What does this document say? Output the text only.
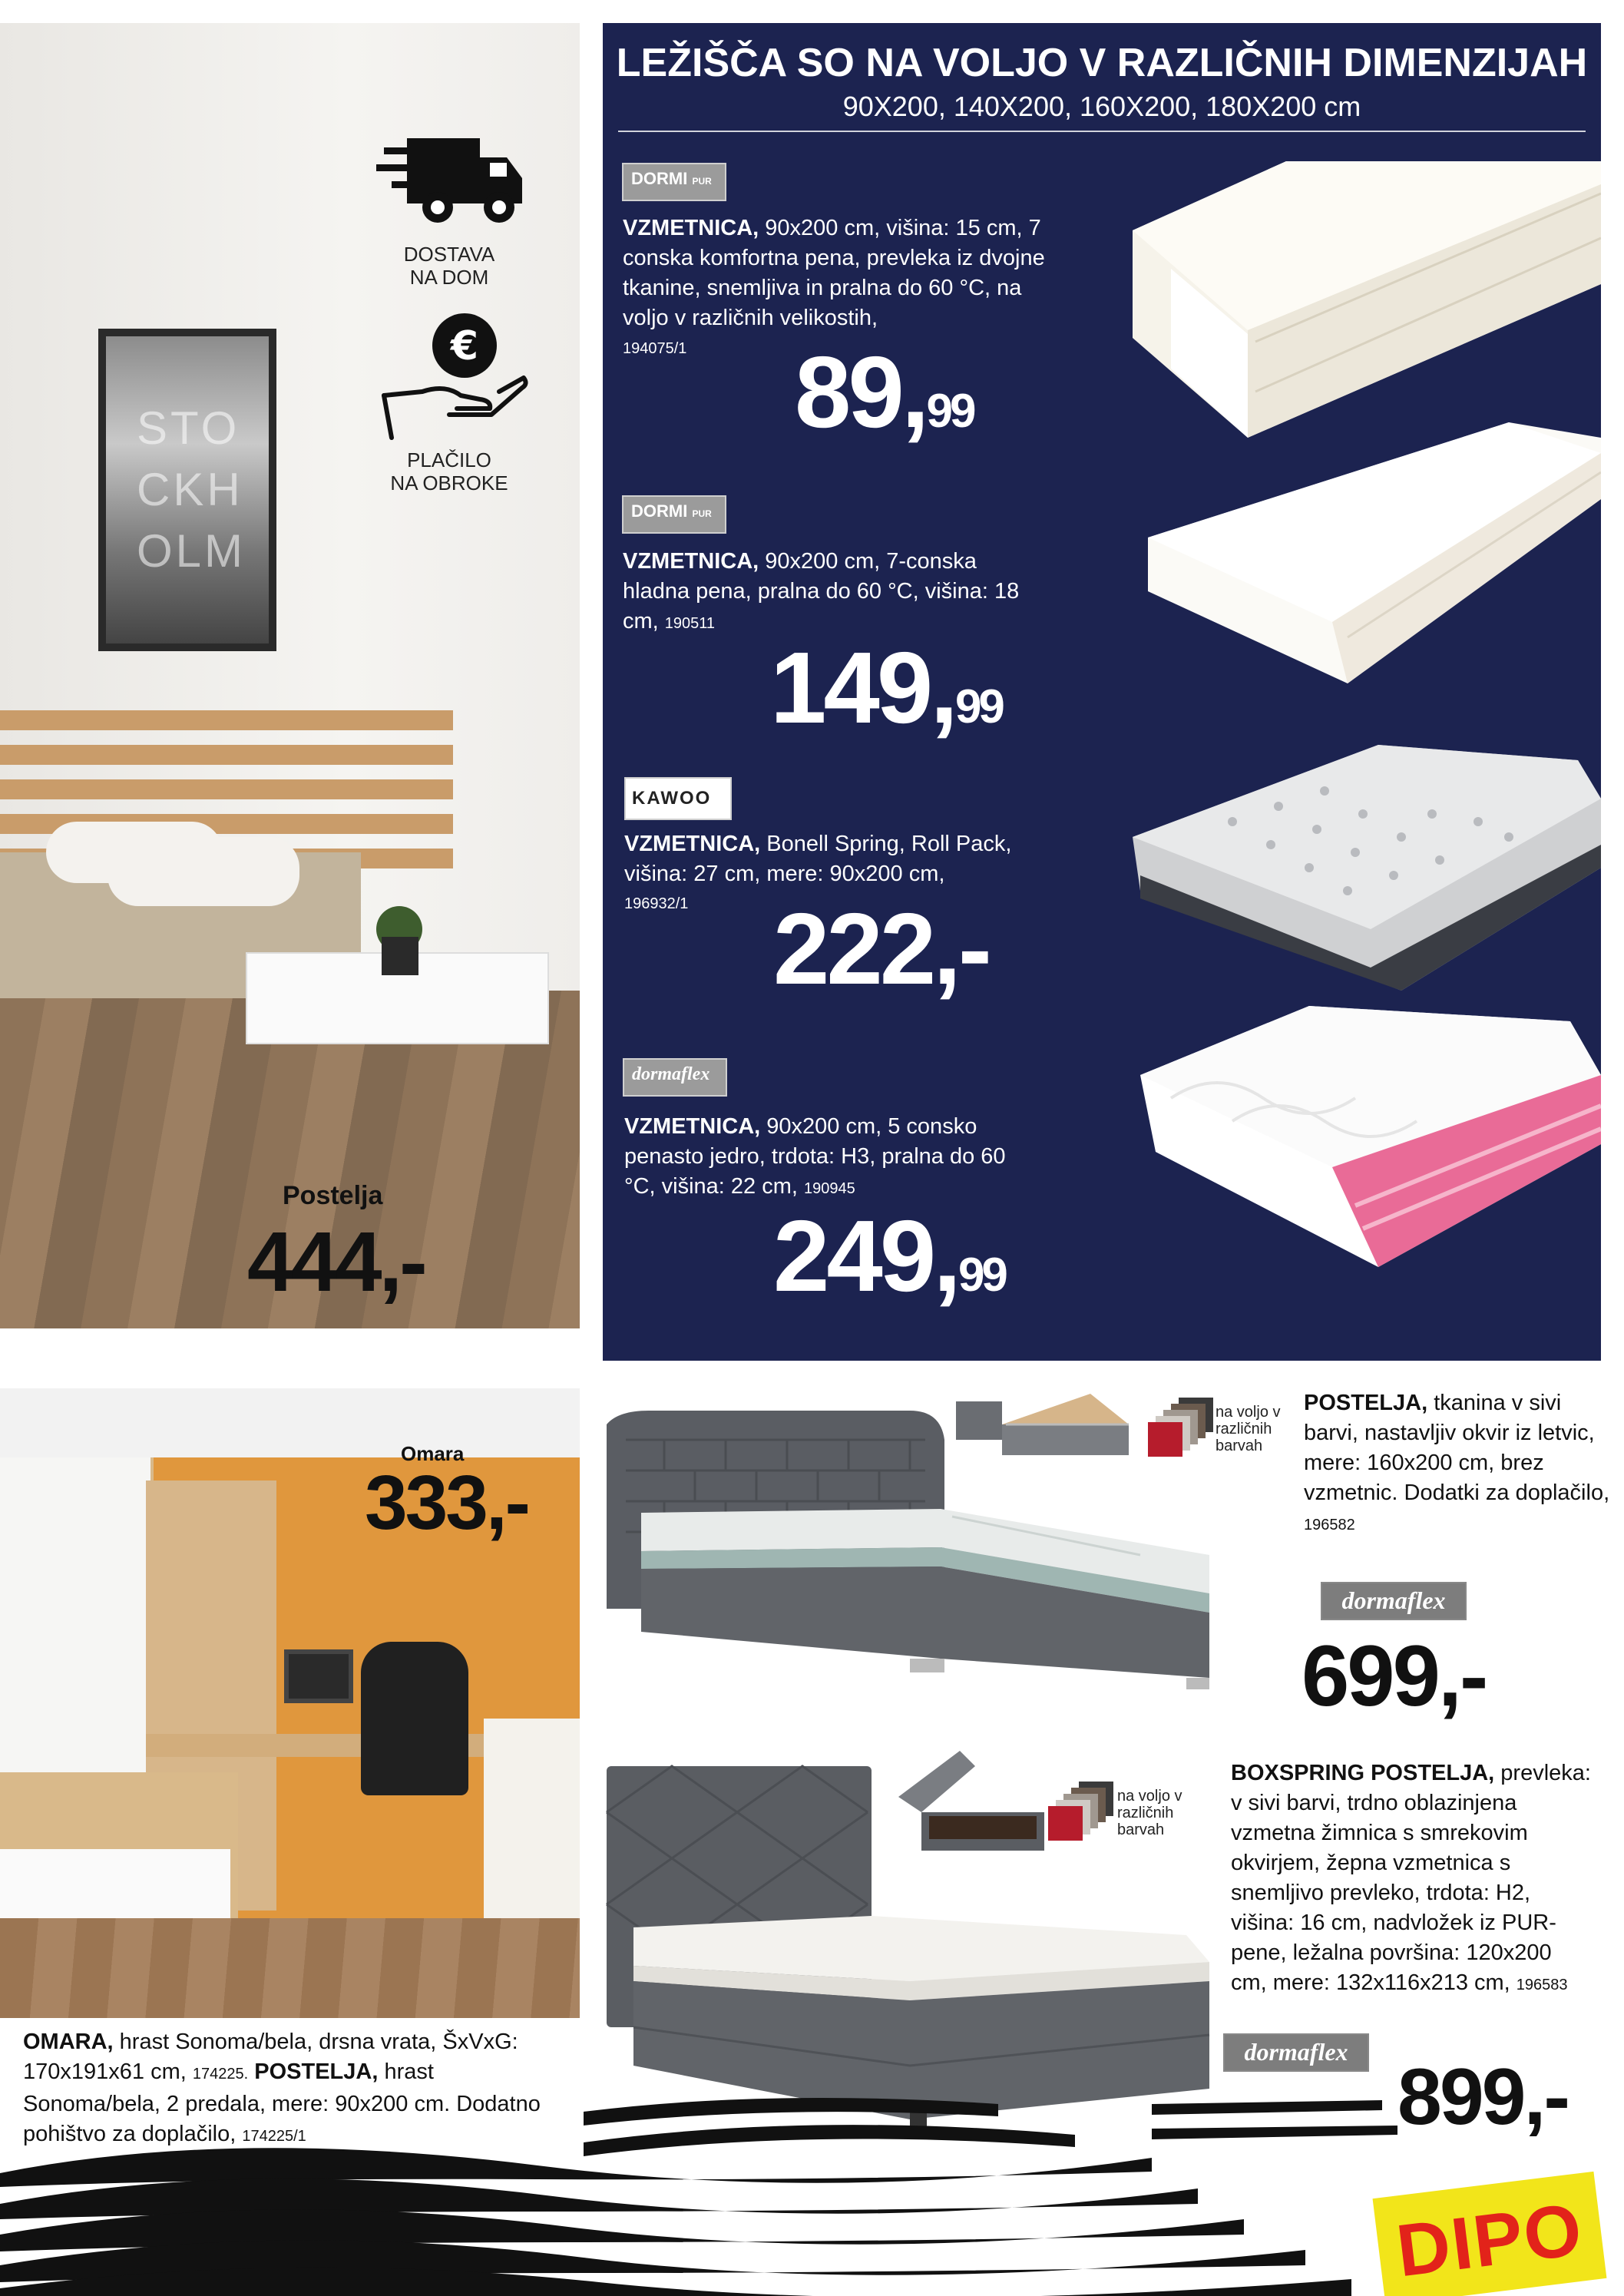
STO
CKH
OLM
DOSTAVA
NA DOM
€
PLAČILO
NA OBROKE
Postelja
444,-
LEŽIŠČA SO NA VOLJO V RAZLIČNIH DIMENZIJAH
90X200, 140X200, 160X200, 180X200 cm
DORMI PUR
VZMETNICA, 90x200 cm, višina: 15 cm, 7 conska komfortna pena, prevleka iz dvojne tkanine, snemljiva in pralna do 60 °C, na voljo v različnih velikostih,
194075/1 89,99
DORMI PUR
VZMETNICA, 90x200 cm, 7-conska hladna pena, pralna do 60 °C, višina: 18 cm, 190511
149,99
KAWOO
VZMETNICA, Bonell Spring, Roll Pack, višina: 27 cm, mere: 90x200 cm,
196932/1 222,-
dormaflex
VZMETNICA, 90x200 cm, 5 consko penasto jedro, trdota: H3, pralna do 60 °C, višina: 22 cm, 190945
249,99
Omara
333,-
OMARA, hrast Sonoma/bela, drsna vrata, ŠxVxG: 170x191x61 cm, 174225. POSTELJA, hrast Sonoma/bela, 2 predala, mere: 90x200 cm. Dodatno pohištvo za doplačilo, 174225/1
na voljo v
različnih
barvah
POSTELJA, tkanina v sivi barvi, nastavljiv okvir iz letvic, mere: 160x200 cm, brez vzmetnic. Dodatki za doplačilo, 196582
dormaflex
699,-
na voljo v
različnih
barvah
BOXSPRING POSTELJA, prevleka: v sivi barvi, trdno oblazinjena vzmetna žimnica s smrekovim okvirjem, žepna vzmetnica s snemljivo prevleko, trdota: H2, višina: 16 cm, nadvložek iz PUR-pene, ležalna površina: 120x200 cm, mere: 132x116x213 cm, 196583
dormaflex
899,-
DIPO
